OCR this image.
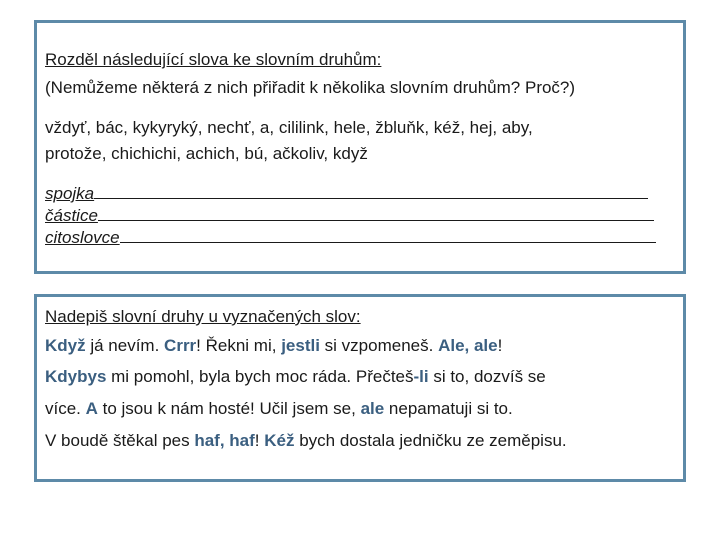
Rozděl následující slova ke slovním druhům:
(Nemůžeme některá z nich přiřadit k několika slovním druhům? Proč?)
vždyť, bác, kykyryký, nechť, a, cililink, hele, žbluňk, kéž, hej, aby,
protože, chichichi, achich, bú, ačkoliv, když
spojka
částice
citoslovce
Nadepiš slovní druhy u vyznačených slov:
Když já nevím. Crrr! Řekni mi, jestli si vzpomeneš. Ale, ale!
Kdybys mi pomohl, byla bych moc ráda. Přečteš-li si to, dozvíš se
více. A to jsou k nám hosté! Učil jsem se, ale nepamatuji si to.
V boudě štěkal pes haf, haf! Kéž bych dostala jedničku ze zeměpisu.
